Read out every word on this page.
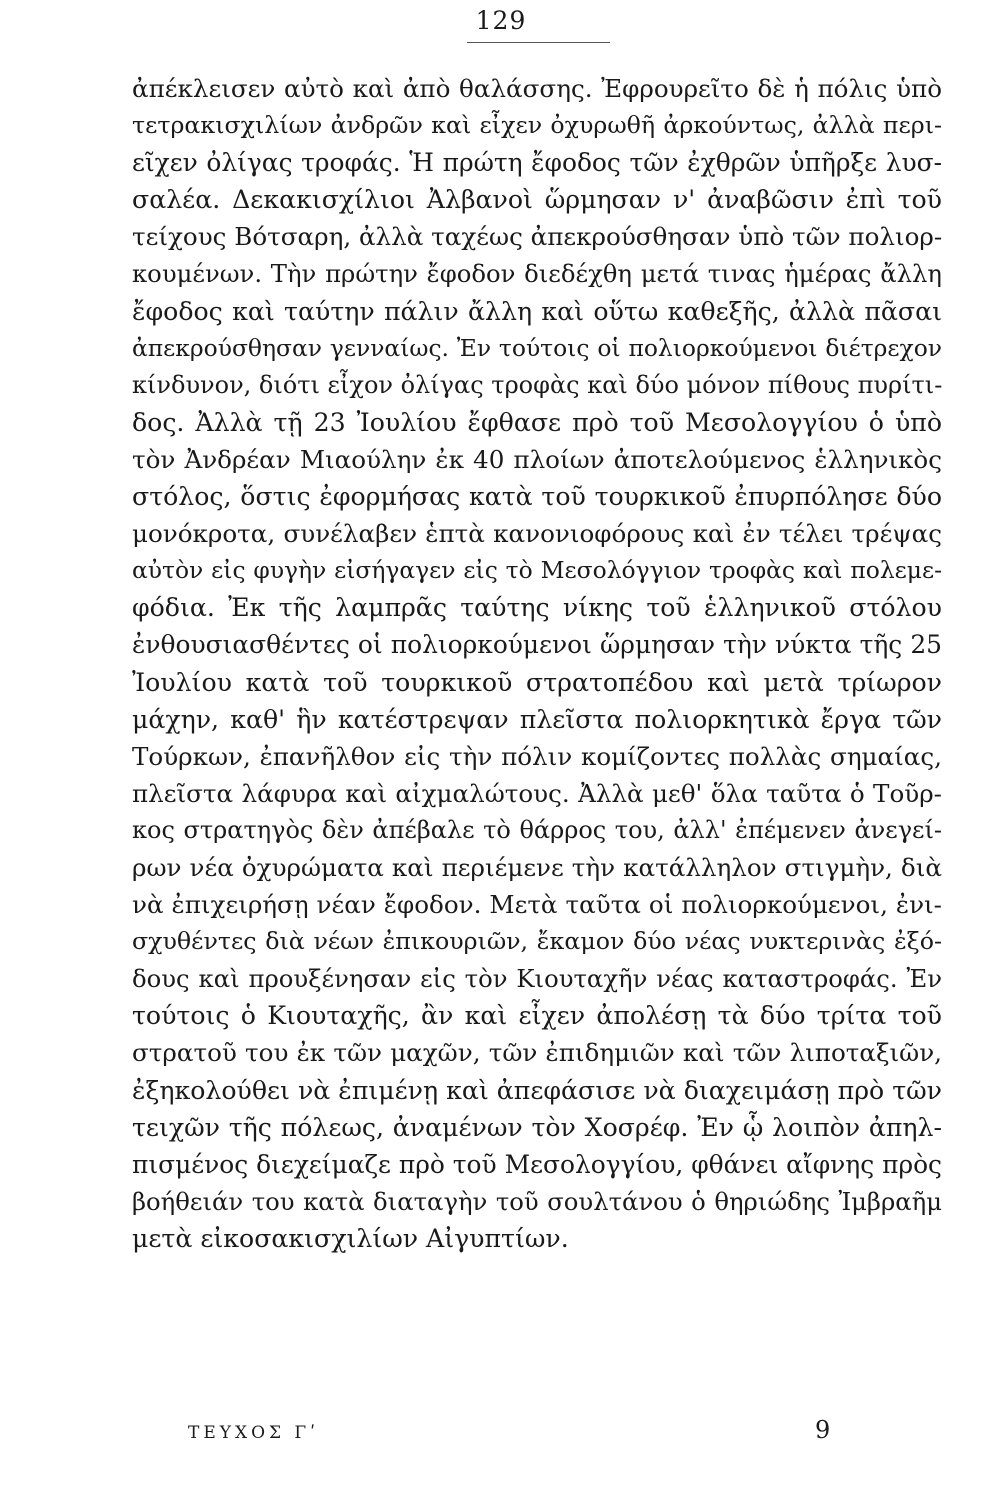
129
ἀπέκλεισεν αὐτὸ καὶ ἀπὸ θαλάσσης. Ἐφρουρεῖτο δὲ ἡ πόλις ὑπὸ
τετρακισχιλίων ἀνδρῶν καὶ εἶχεν ὀχυρωθῆ ἀρκούντως, ἀλλὰ περι-
εῖχεν ὀλίγας τροφάς. Ἡ πρώτη ἔφοδος τῶν ἐχθρῶν ὑπῆρξε λυσ-
σαλέα. Δεκακισχίλιοι Ἀλβανοὶ ὥρμησαν ν' ἀναβῶσιν ἐπὶ τοῦ
τείχους Βότσαρη, ἀλλὰ ταχέως ἀπεκρούσθησαν ὑπὸ τῶν πολιορ-
κουμένων. Τὴν πρώτην ἔφοδον διεδέχθη μετά τινας ἡμέρας ἄλλη
ἔφοδος καὶ ταύτην πάλιν ἄλλη καὶ οὕτω καθεξῆς, ἀλλὰ πᾶσαι
ἀπεκρούσθησαν γενναίως. Ἐν τούτοις οἱ πολιορκούμενοι διέτρεχον
κίνδυνον, διότι εἶχον ὀλίγας τροφὰς καὶ δύο μόνον πίθους πυρίτι-
δος. Ἀλλὰ τῇ 23 Ἰουλίου ἔφθασε πρὸ τοῦ Μεσολογγίου ὁ ὑπὸ
τὸν Ἀνδρέαν Μιαούλην ἐκ 40 πλοίων ἀποτελούμενος ἑλληνικὸς
στόλος, ὅστις ἐφορμήσας κατὰ τοῦ τουρκικοῦ ἐπυρπόλησε δύο
μονόκροτα, συνέλαβεν ἑπτὰ κανονιοφόρους καὶ ἐν τέλει τρέψας
αὐτὸν εἰς φυγὴν εἰσήγαγεν εἰς τὸ Μεσολόγγιον τροφὰς καὶ πολεμε-
φόδια. Ἐκ τῆς λαμπρᾶς ταύτης νίκης τοῦ ἑλληνικοῦ στόλου
ἐνθουσιασθέντες οἱ πολιορκούμενοι ὥρμησαν τὴν νύκτα τῆς 25
Ἰουλίου κατὰ τοῦ τουρκικοῦ στρατοπέδου καὶ μετὰ τρίωρον
μάχην, καθ' ἣν κατέστρεψαν πλεῖστα πολιορκητικὰ ἔργα τῶν
Τούρκων, ἐπανῆλθον εἰς τὴν πόλιν κομίζοντες πολλὰς σημαίας,
πλεῖστα λάφυρα καὶ αἰχμαλώτους. Ἀλλὰ μεθ' ὅλα ταῦτα ὁ Τοῦρ-
κος στρατηγὸς δὲν ἀπέβαλε τὸ θάρρος του, ἀλλ' ἐπέμενεν ἀνεγεί-
ρων νέα ὀχυρώματα καὶ περιέμενε τὴν κατάλληλον στιγμὴν, διὰ
νὰ ἐπιχειρήσῃ νέαν ἔφοδον. Μετὰ ταῦτα οἱ πολιορκούμενοι, ἐνι-
σχυθέντες διὰ νέων ἐπικουριῶν, ἔκαμον δύο νέας νυκτερινὰς ἐξό-
δους καὶ προυξένησαν εἰς τὸν Κιουταχῆν νέας καταστροφάς. Ἐν
τούτοις ὁ Κιουταχῆς, ἂν καὶ εἶχεν ἀπολέσῃ τὰ δύο τρίτα τοῦ
στρατοῦ του ἐκ τῶν μαχῶν, τῶν ἐπιδημιῶν καὶ τῶν λιποταξιῶν,
ἐξηκολούθει νὰ ἐπιμένῃ καὶ ἀπεφάσισε νὰ διαχειμάσῃ πρὸ τῶν
τειχῶν τῆς πόλεως, ἀναμένων τὸν Χοσρέφ. Ἐν ᾧ λοιπὸν ἀπηλ-
πισμένος διεχείμαζε πρὸ τοῦ Μεσολογγίου, φθάνει αἴφνης πρὸς
βοήθειάν του κατὰ διαταγὴν τοῦ σουλτάνου ὁ θηριώδης Ἰμβραῆμ
μετὰ εἰκοσακισχιλίων Αἰγυπτίων.
ΤΕΥΧΟΣ Γʹ	9
